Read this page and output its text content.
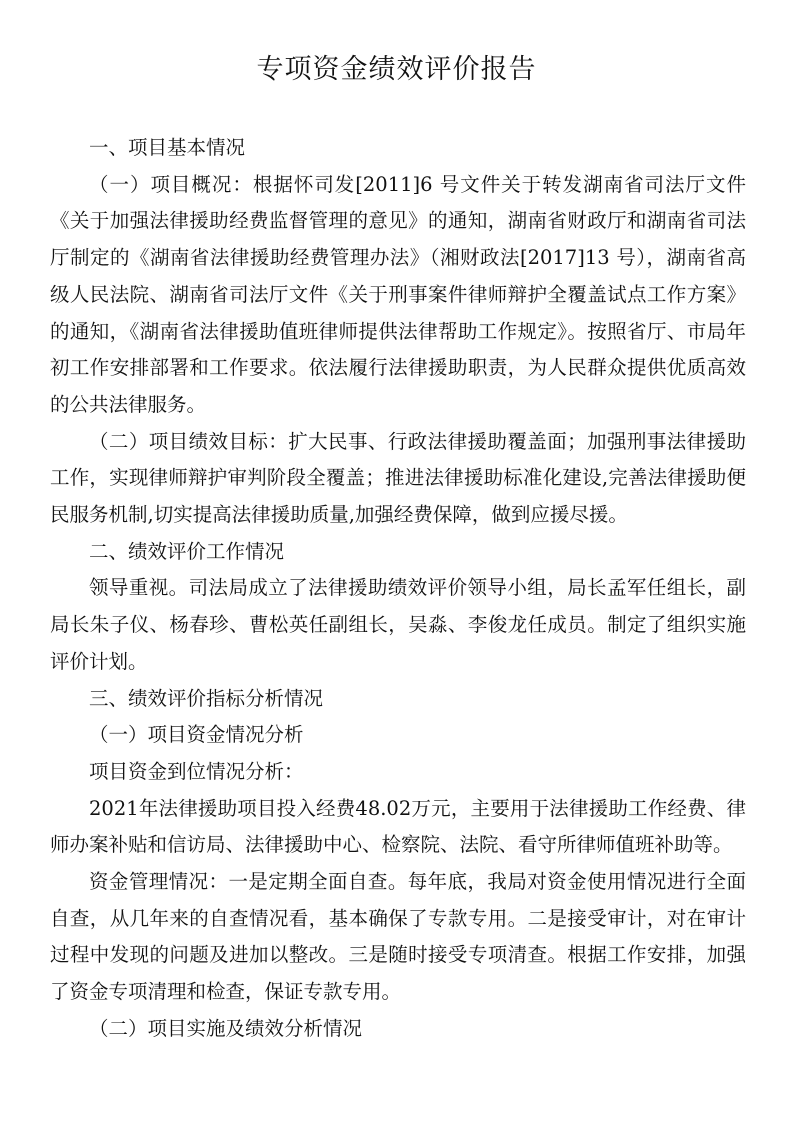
专项资金绩效评价报告

一、项目基本情况

（一）项目概况：根据怀司发[2011]6 号文件关于转发湖南省司法厅文件《关于加强法律援助经费监督管理的意见》的通知，湖南省财政厅和湖南省司法厅制定的《湖南省法律援助经费管理办法》（湘财政法[2017]13 号），湖南省高级人民法院、湖南省司法厅文件《关于刑事案件律师辩护全覆盖试点工作方案》的通知，《湖南省法律援助值班律师提供法律帮助工作规定》。按照省厅、市局年初工作安排部署和工作要求。依法履行法律援助职责，为人民群众提供优质高效的公共法律服务。

（二）项目绩效目标：扩大民事、行政法律援助覆盖面；加强刑事法律援助工作，实现律师辩护审判阶段全覆盖；推进法律援助标准化建设,完善法律援助便民服务机制,切实提高法律援助质量,加强经费保障，做到应援尽援。

二、绩效评价工作情况

领导重视。司法局成立了法律援助绩效评价领导小组，局长孟军任组长，副局长朱子仪、杨春珍、曹松英任副组长，吴淼、李俊龙任成员。制定了组织实施评价计划。

三、绩效评价指标分析情况

（一）项目资金情况分析

项目资金到位情况分析：

2021年法律援助项目投入经费48.02万元，主要用于法律援助工作经费、律师办案补贴和信访局、法律援助中心、检察院、法院、看守所律师值班补助等。

资金管理情况：一是定期全面自查。每年底，我局对资金使用情况进行全面自查，从几年来的自查情况看，基本确保了专款专用。二是接受审计，对在审计过程中发现的问题及进加以整改。三是随时接受专项清查。根据工作安排，加强了资金专项清理和检查，保证专款专用。

（二）项目实施及绩效分析情况
